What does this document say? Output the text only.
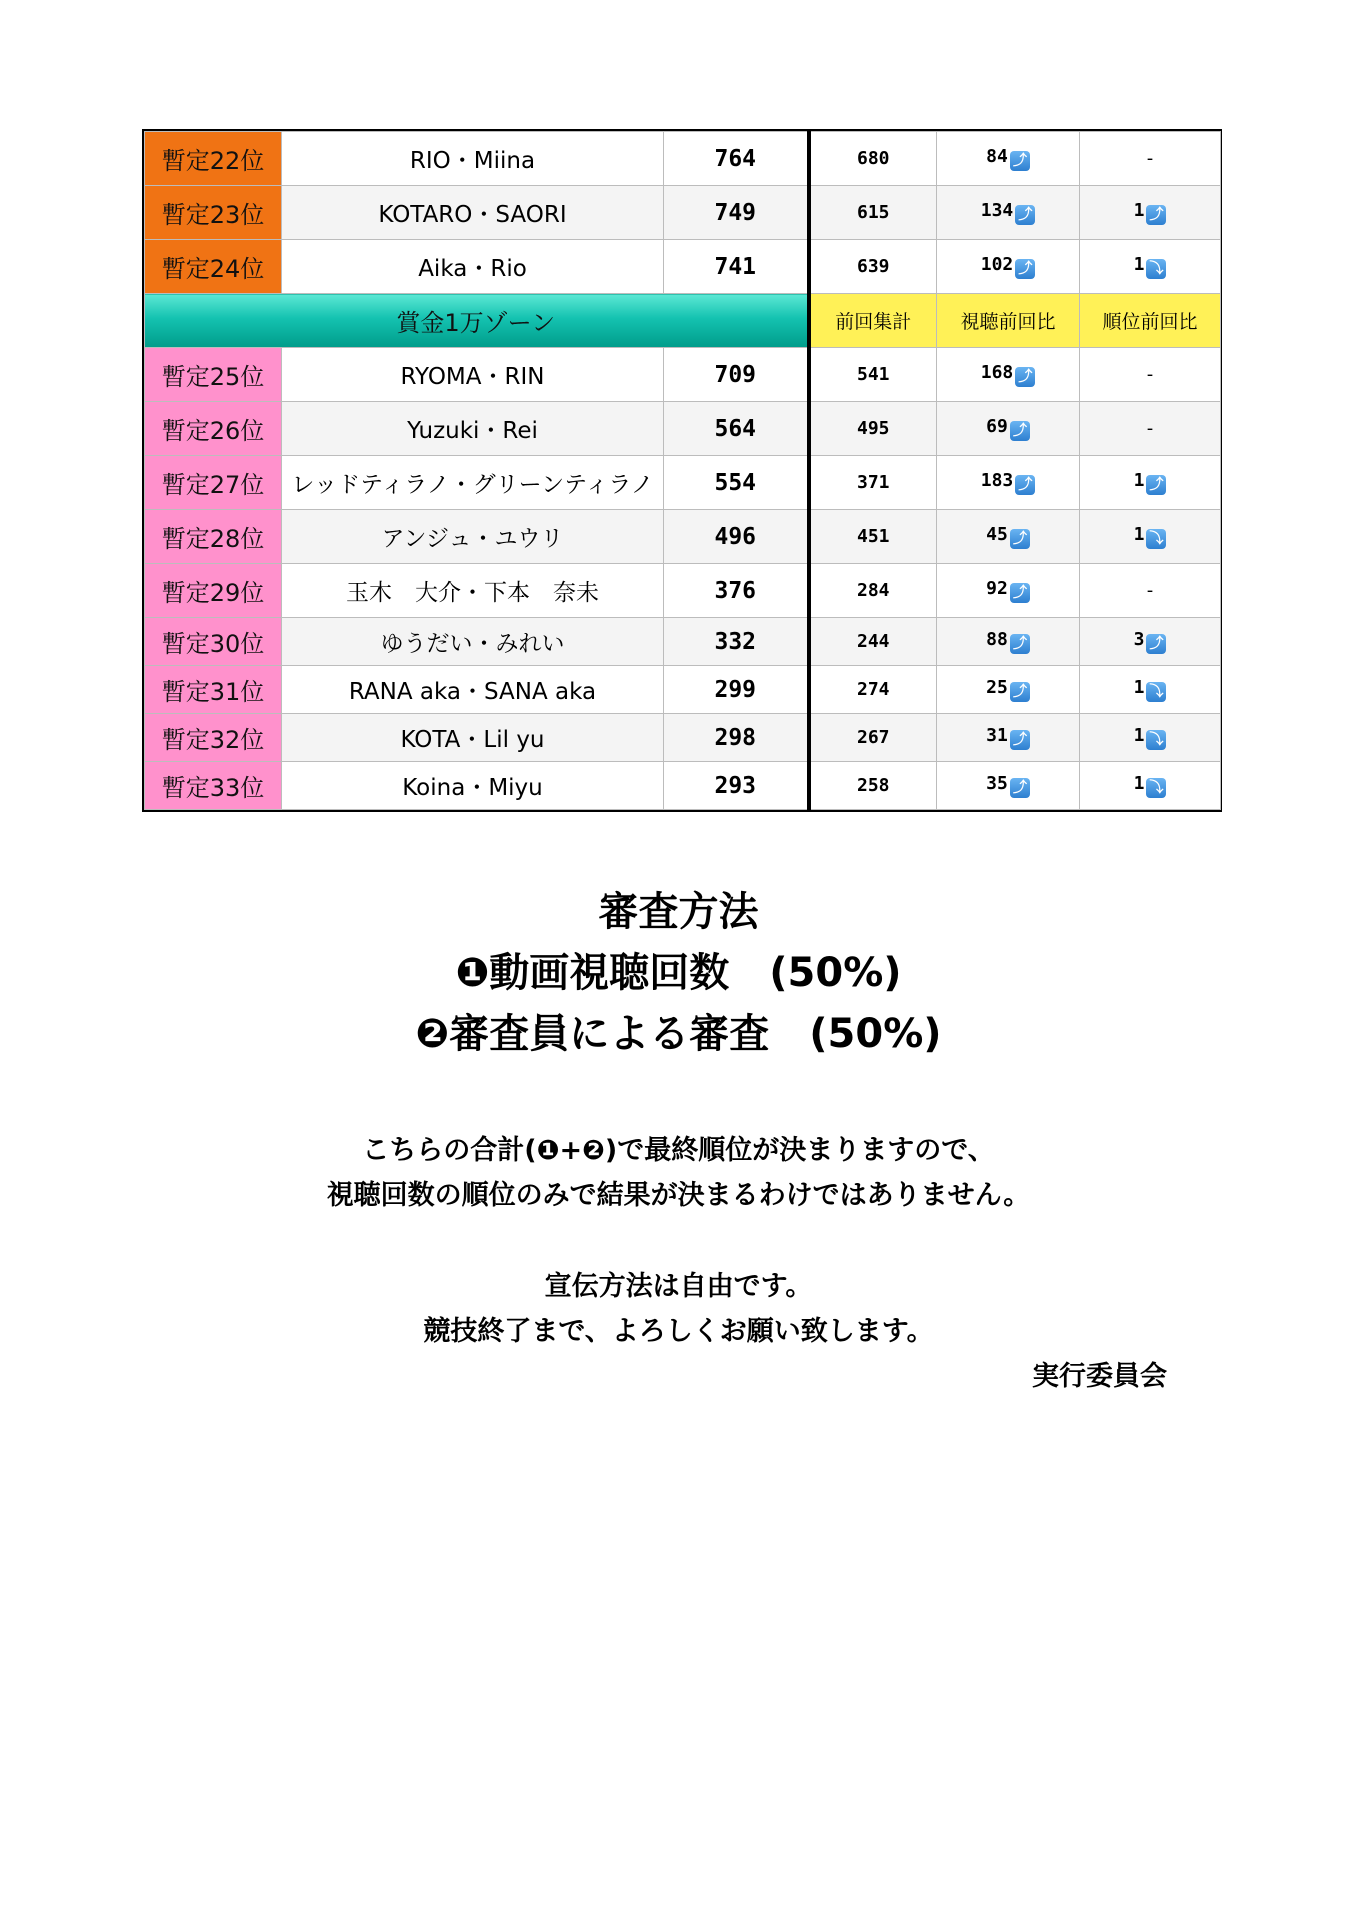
暫定22位	RIO・Miina	764	680	84 ⤴	-
暫定23位	KOTARO・SAORI	749	615	134 ⤴	1 ⤴
暫定24位	Aika・Rio	741	639	102 ⤴	1 ⤵
賞金1万ゾーン			前回集計	視聴前回比	順位前回比
暫定25位	RYOMA・RIN	709	541	168 ⤴	-
暫定26位	Yuzuki・Rei	564	495	69 ⤴	-
暫定27位	レッドティラノ・グリーンティラノ	554	371	183 ⤴	1 ⤴
暫定28位	アンジュ・ユウリ	496	451	45 ⤴	1 ⤵
暫定29位	玉木　大介・下本　奈未	376	284	92 ⤴	-
暫定30位	ゆうだい・みれい	332	244	88 ⤴	3 ⤴
暫定31位	RANA aka・SANA aka	299	274	25 ⤴	1 ⤵
暫定32位	KOTA・Lil yu	298	267	31 ⤴	1 ⤵
暫定33位	Koina・Miyu	293	258	35 ⤴	1 ⤵
審査方法
❶動画視聴回数　(50%)
❷審査員による審査　(50%)
こちらの合計(❶+❷)で最終順位が決まりますので、
視聴回数の順位のみで結果が決まるわけではありません。
宣伝方法は自由です。
競技終了まで、よろしくお願い致します。
実行委員会
